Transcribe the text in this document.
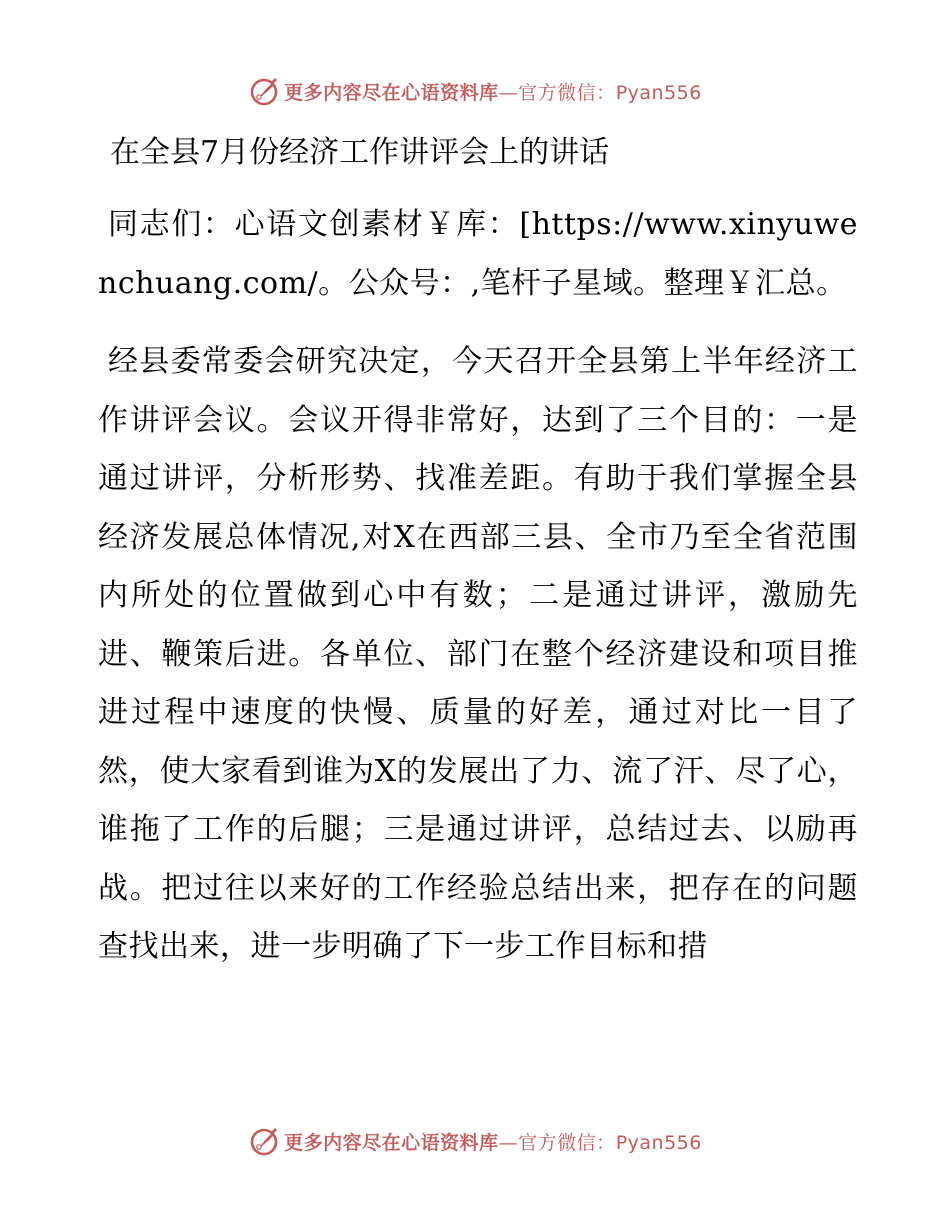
更多内容尽在心语资料库—官方微信：Pyan556
在全县7月份经济工作讲评会上的讲话

同志们：心语文创素材￥库：[https://www.xinyuwenchuang.com/。公众号：,笔杆子星域。整理￥汇总。

经县委常委会研究决定，今天召开全县第上半年经济工作讲评会议。会议开得非常好，达到了三个目的：一是通过讲评，分析形势、找准差距。有助于我们掌握全县经济发展总体情况,对X在西部三县、全市乃至全省范围内所处的位置做到心中有数；二是通过讲评，激励先进、鞭策后进。各单位、部门在整个经济建设和项目推进过程中速度的快慢、质量的好差，通过对比一目了然，使大家看到谁为X的发展出了力、流了汗、尽了心，谁拖了工作的后腿；三是通过讲评，总结过去、以励再战。把过往以来好的工作经验总结出来，把存在的问题查找出来，进一步明确了下一步工作目标和措

更多内容尽在心语资料库—官方微信：Pyan556
